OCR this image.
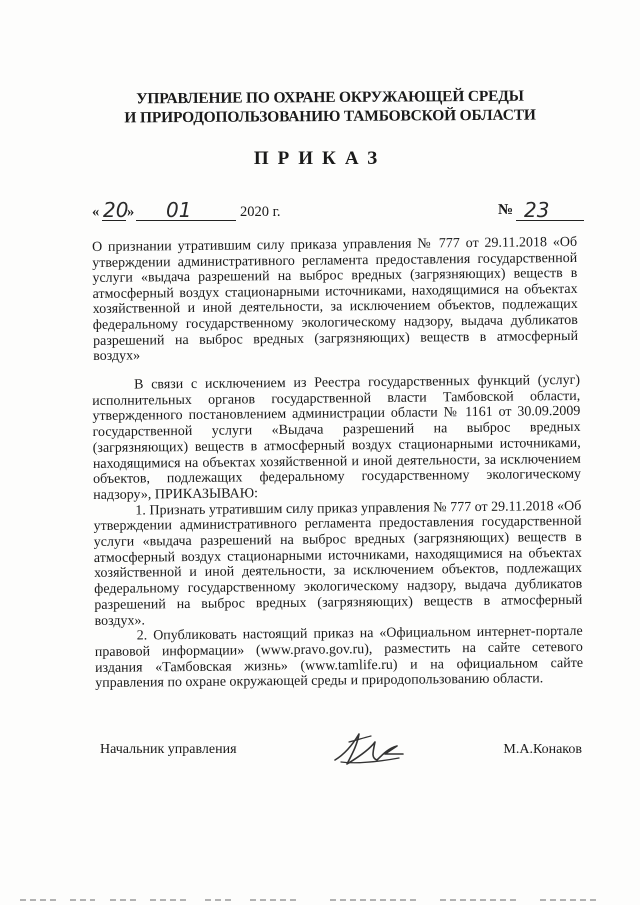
УПРАВЛЕНИЕ ПО ОХРАНЕ ОКРУЖАЮЩЕЙ СРЕДЫ
И ПРИРОДОПОЛЬЗОВАНИЮ ТАМБОВСКОЙ ОБЛАСТИ
ПРИКАЗ
« 20
» 01	2020 г.	№ 23
О признании утратившим силу приказа управления № 777 от 29.11.2018 «Об утверждении административного регламента предоставления государственной услуги «выдача разрешений на выброс вредных (загрязняющих) веществ в атмосферный воздух стационарными источниками, находящимися на объектах хозяйственной и иной деятельности, за исключением объектов, подлежащих федеральному государственному экологическому надзору, выдача дубликатов разрешений на выброс вредных (загрязняющих) веществ в атмосферный воздух»

В связи с исключением из Реестра государственных функций (услуг) исполнительных органов государственной власти Тамбовской области, утвержденного постановлением администрации области № 1161 от 30.09.2009 государственной услуги «Выдача разрешений на выброс вредных (загрязняющих) веществ в атмосферный воздух стационарными источниками, находящимися на объектах хозяйственной и иной деятельности, за исключением объектов, подлежащих федеральному государственному экологическому надзору», ПРИКАЗЫВАЮ:

1. Признать утратившим силу приказ управления № 777 от 29.11.2018 «Об утверждении административного регламента предоставления государственной услуги «выдача разрешений на выброс вредных (загрязняющих) веществ в атмосферный воздух стационарными источниками, находящимися на объектах хозяйственной и иной деятельности, за исключением объектов, подлежащих федеральному государственному экологическому надзору, выдача дубликатов разрешений на выброс вредных (загрязняющих) веществ в атмосферный воздух».

2. Опубликовать настоящий приказ на «Официальном интернет-портале правовой информации» (www.pravo.gov.ru), разместить на сайте сетевого издания «Тамбовская жизнь» (www.tamlife.ru) и на официальном сайте управления по охране окружающей среды и природопользованию области.

Начальник управления	М.А.Конаков
